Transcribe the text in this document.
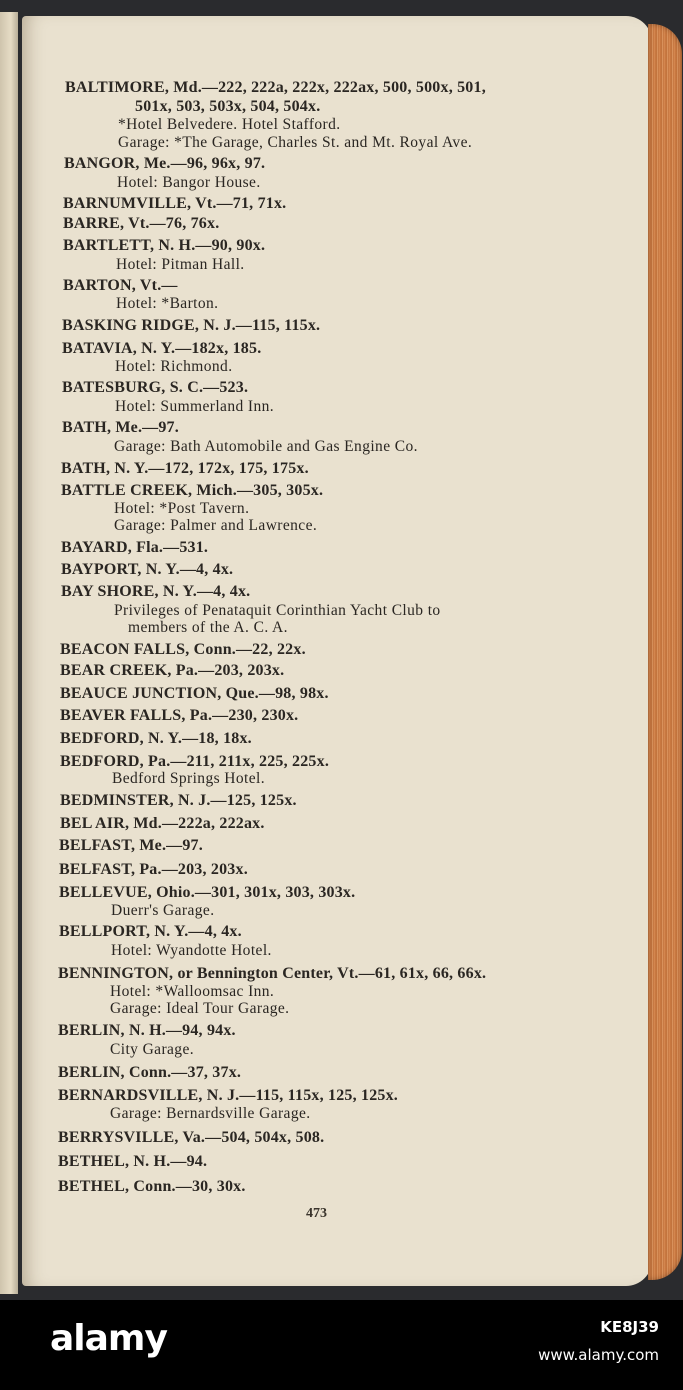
BALTIMORE, Md.—222, 222a, 222x, 222ax, 500, 500x, 501,
501x, 503, 503x, 504, 504x.
*Hotel Belvedere. Hotel Stafford.
Garage: *The Garage, Charles St. and Mt. Royal Ave.
BANGOR, Me.—96, 96x, 97.
Hotel: Bangor House.
BARNUMVILLE, Vt.—71, 71x.
BARRE, Vt.—76, 76x.
BARTLETT, N. H.—90, 90x.
Hotel: Pitman Hall.
BARTON, Vt.—
Hotel: *Barton.
BASKING RIDGE, N. J.—115, 115x.
BATAVIA, N. Y.—182x, 185.
Hotel: Richmond.
BATESBURG, S. C.—523.
Hotel: Summerland Inn.
BATH, Me.—97.
Garage: Bath Automobile and Gas Engine Co.
BATH, N. Y.—172, 172x, 175, 175x.
BATTLE CREEK, Mich.—305, 305x.
Hotel: *Post Tavern.
Garage: Palmer and Lawrence.
BAYARD, Fla.—531.
BAYPORT, N. Y.—4, 4x.
BAY SHORE, N. Y.—4, 4x.
Privileges of Penataquit Corinthian Yacht Club to
members of the A. C. A.
BEACON FALLS, Conn.—22, 22x.
BEAR CREEK, Pa.—203, 203x.
BEAUCE JUNCTION, Que.—98, 98x.
BEAVER FALLS, Pa.—230, 230x.
BEDFORD, N. Y.—18, 18x.
BEDFORD, Pa.—211, 211x, 225, 225x.
Bedford Springs Hotel.
BEDMINSTER, N. J.—125, 125x.
BEL AIR, Md.—222a, 222ax.
BELFAST, Me.—97.
BELFAST, Pa.—203, 203x.
BELLEVUE, Ohio.—301, 301x, 303, 303x.
Duerr's Garage.
BELLPORT, N. Y.—4, 4x.
Hotel: Wyandotte Hotel.
BENNINGTON, or Bennington Center, Vt.—61, 61x, 66, 66x.
Hotel: *Walloomsac Inn.
Garage: Ideal Tour Garage.
BERLIN, N. H.—94, 94x.
City Garage.
BERLIN, Conn.—37, 37x.
BERNARDSVILLE, N. J.—115, 115x, 125, 125x.
Garage: Bernardsville Garage.
BERRYSVILLE, Va.—504, 504x, 508.
BETHEL, N. H.—94.
BETHEL, Conn.—30, 30x.
473
alamy	KE8J39
www.alamy.com
